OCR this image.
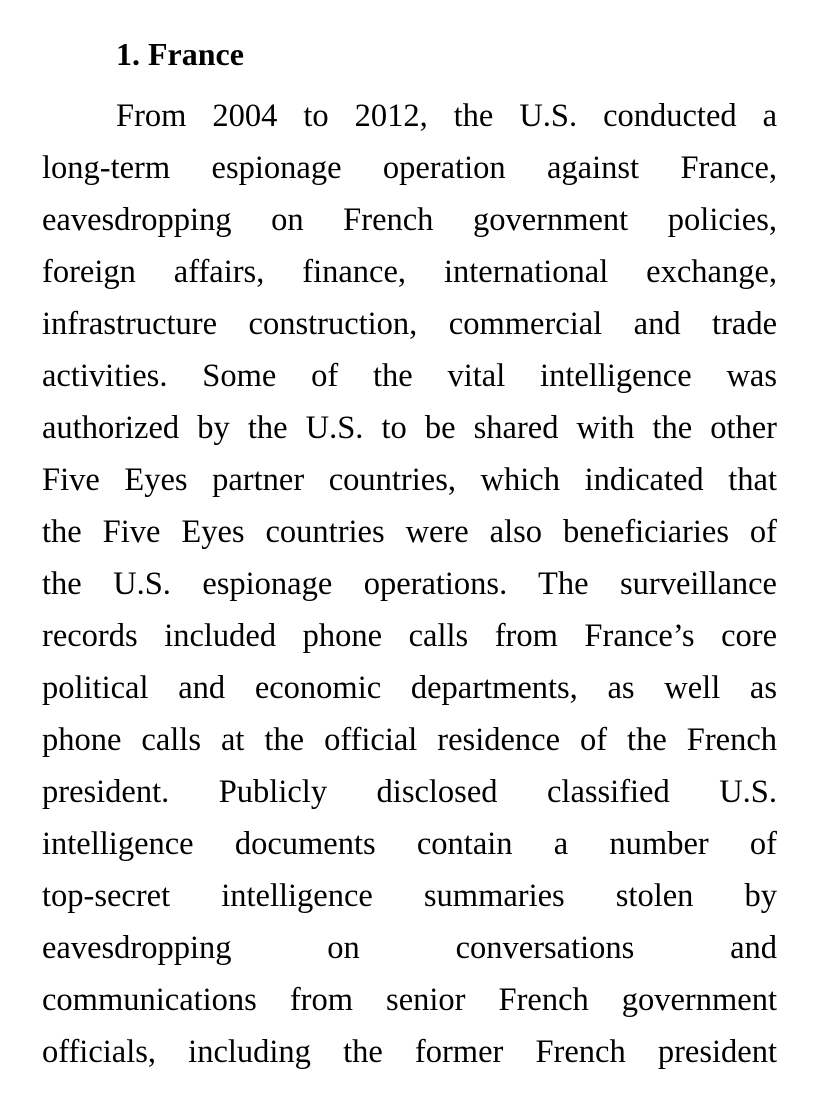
1. France
From 2004 to 2012, the U.S. conducted a
long-term espionage operation against France,
eavesdropping on French government policies,
foreign affairs, finance, international exchange,
infrastructure construction, commercial and trade
activities. Some of the vital intelligence was
authorized by the U.S. to be shared with the other
Five Eyes partner countries, which indicated that
the Five Eyes countries were also beneficiaries of
the U.S. espionage operations. The surveillance
records included phone calls from France’s core
political and economic departments, as well as
phone calls at the official residence of the French
president. Publicly disclosed classified U.S.
intelligence documents contain a number of
top-secret intelligence summaries stolen by
eavesdropping on conversations and
communications from senior French government
officials, including the former French president
